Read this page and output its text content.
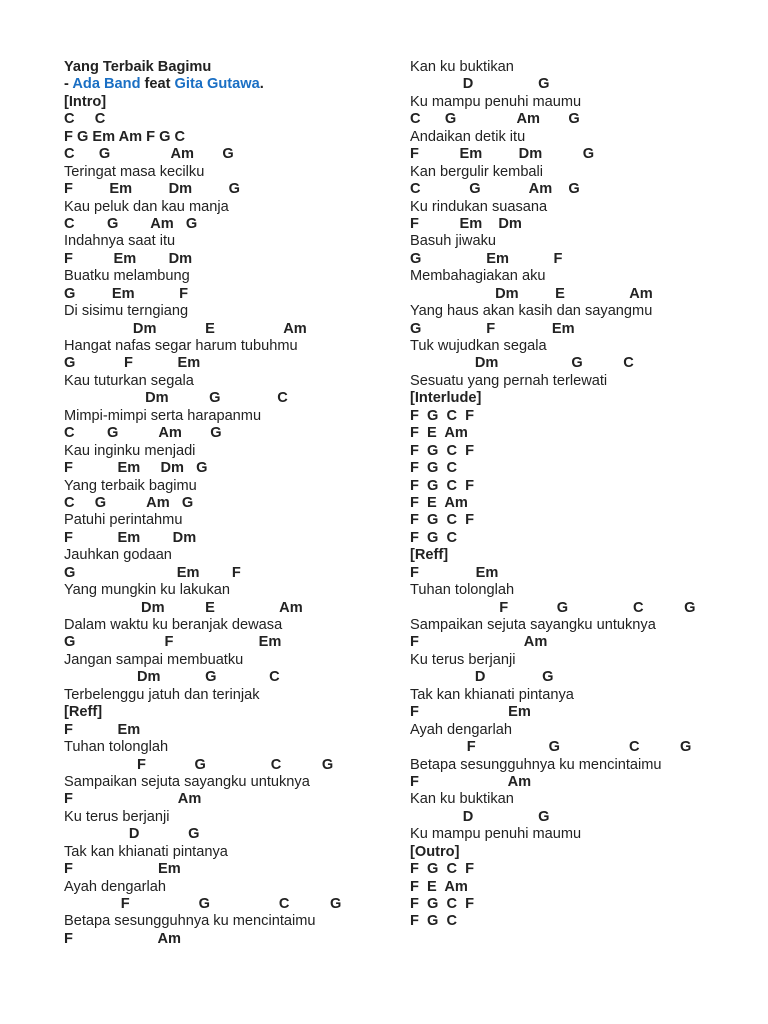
Yang Terbaik Bagimu
- Ada Band feat Gita Gutawa.
[Intro]
C     C
F G Em Am F G C
C      G               Am       G
Teringat masa kecilku
F         Em         Dm         G
Kau peluk dan kau manja
C        G        Am   G
Indahnya saat itu
F          Em        Dm
Buatku melambung
G         Em           F
Di sisimu terngiang
Dm            E                 Am
Hangat nafas segar harum tubuhmu
G            F           Em
Kau tuturkan segala
Dm          G              C
Mimpi-mimpi serta harapanmu
C        G          Am       G
Kau inginku menjadi
F           Em     Dm   G
Yang terbaik bagimu
C     G          Am   G
Patuhi perintahmu
F           Em        Dm
Jauhkan godaan
G                         Em        F
Yang mungkin ku lakukan
Dm          E                Am
Dalam waktu ku beranjak dewasa
G                      F                     Em
Jangan sampai membuatku
Dm           G             C
Terbelenggu jatuh dan terinjak
[Reff]
F           Em
Tuhan tolonglah
F            G                C          G
Sampaikan sejuta sayangku untuknya
F                          Am
Ku terus berjanji
D            G
Tak kan khianati pintanya
F                     Em
Ayah dengarlah
F                 G                 C          G
Betapa sesungguhnya ku mencintaimu
F                     Am
Kan ku buktikan
D                G
Ku mampu penuhi maumu
C      G               Am       G
Andaikan detik itu
F          Em         Dm          G
Kan bergulir kembali
C            G            Am    G
Ku rindukan suasana
F          Em    Dm
Basuh jiwaku
G                Em           F
Membahagiakan aku
Dm         E                Am
Yang haus akan kasih dan sayangmu
G                F              Em
Tuk wujudkan segala
Dm                  G          C
Sesuatu yang pernah terlewati
[Interlude]
F  G  C  F
F  E  Am
F  G  C  F
F  G  C
F  G  C  F
F  E  Am
F  G  C  F
F  G  C
[Reff]
F              Em
Tuhan tolonglah
F            G                C          G
Sampaikan sejuta sayangku untuknya
F                          Am
Ku terus berjanji
D              G
Tak kan khianati pintanya
F                      Em
Ayah dengarlah
F                  G                 C          G
Betapa sesungguhnya ku mencintaimu
F                      Am
Kan ku buktikan
D                G
Ku mampu penuhi maumu
[Outro]
F  G  C  F
F  E  Am
F  G  C  F
F  G  C
